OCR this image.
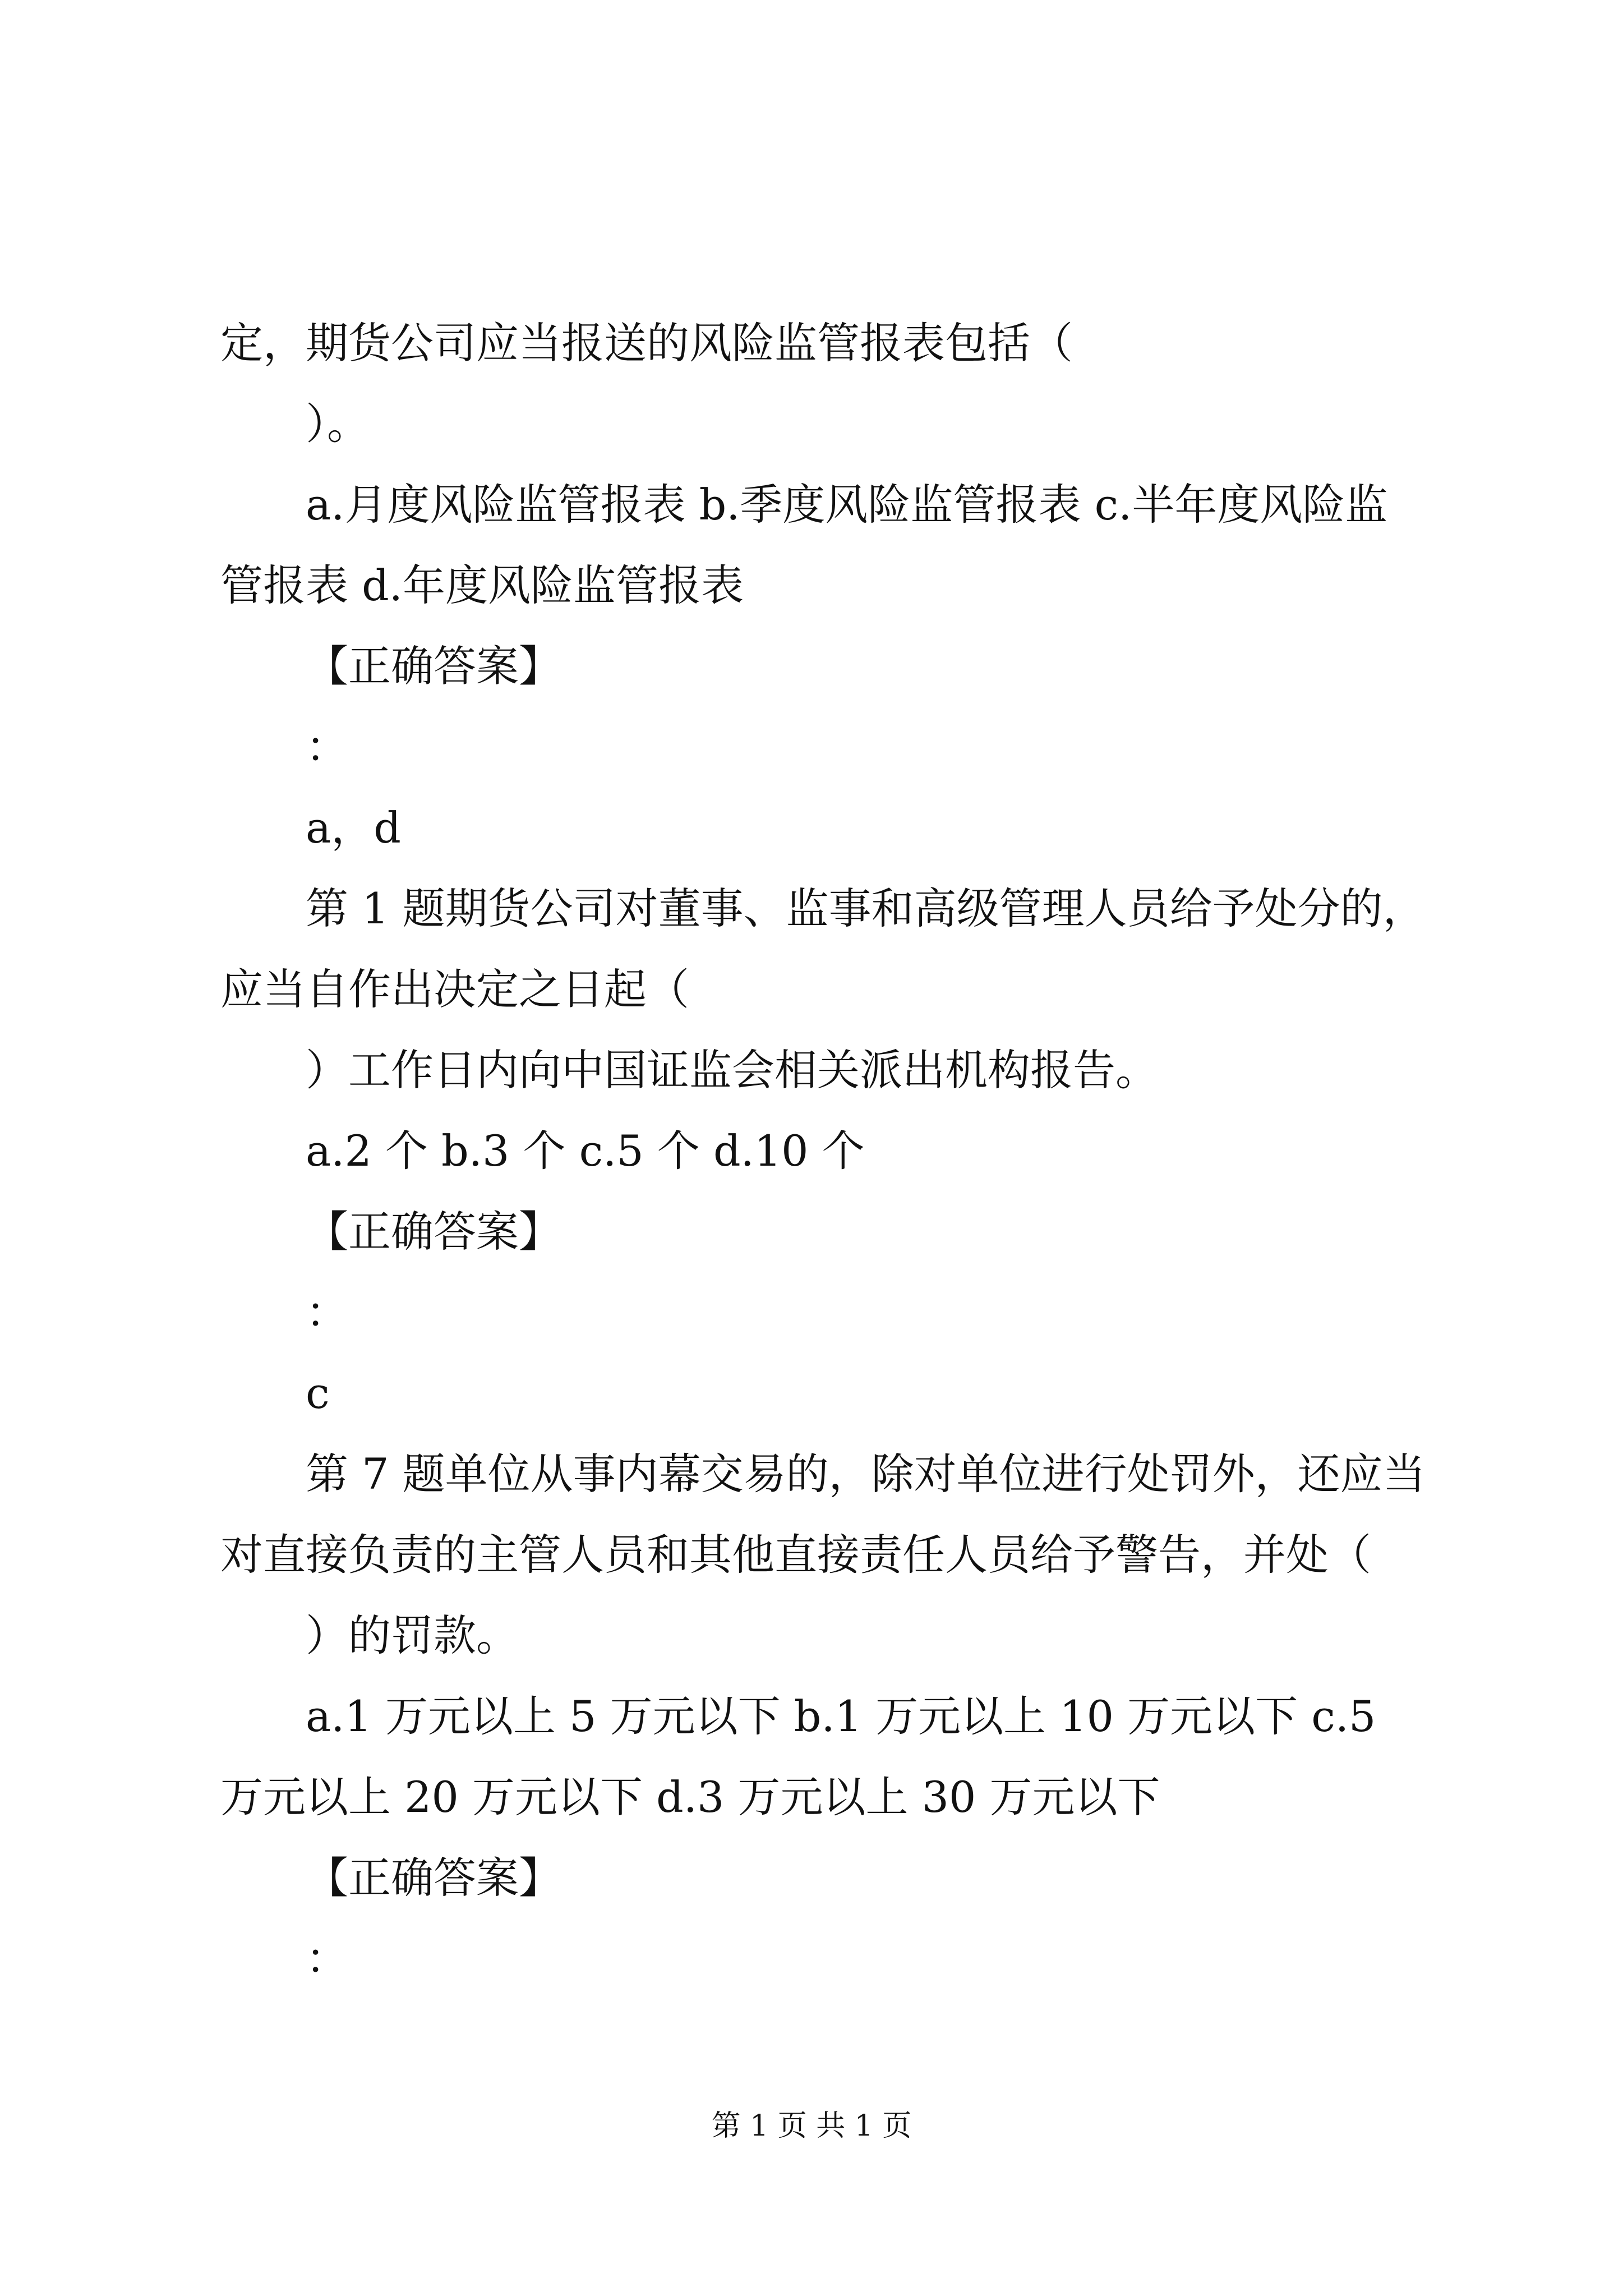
定，期货公司应当报送的风险监管报表包括（

）。

a.月度风险监管报表 b.季度风险监管报表 c.半年度风险监管报表 d.年度风险监管报表

【正确答案】

：

a，d

第 1 题期货公司对董事、监事和高级管理人员给予处分的，应当自作出决定之日起（

）工作日内向中国证监会相关派出机构报告。

a.2 个 b.3 个 c.5 个 d.10 个

【正确答案】

：

c

第 7 题单位从事内幕交易的，除对单位进行处罚外，还应当对直接负责的主管人员和其他直接责任人员给予警告，并处（

）的罚款。

a.1 万元以上 5 万元以下 b.1 万元以上 10 万元以下 c.5 万元以上 20 万元以下 d.3 万元以上 30 万元以下

【正确答案】

：

第 1 页 共 1 页
